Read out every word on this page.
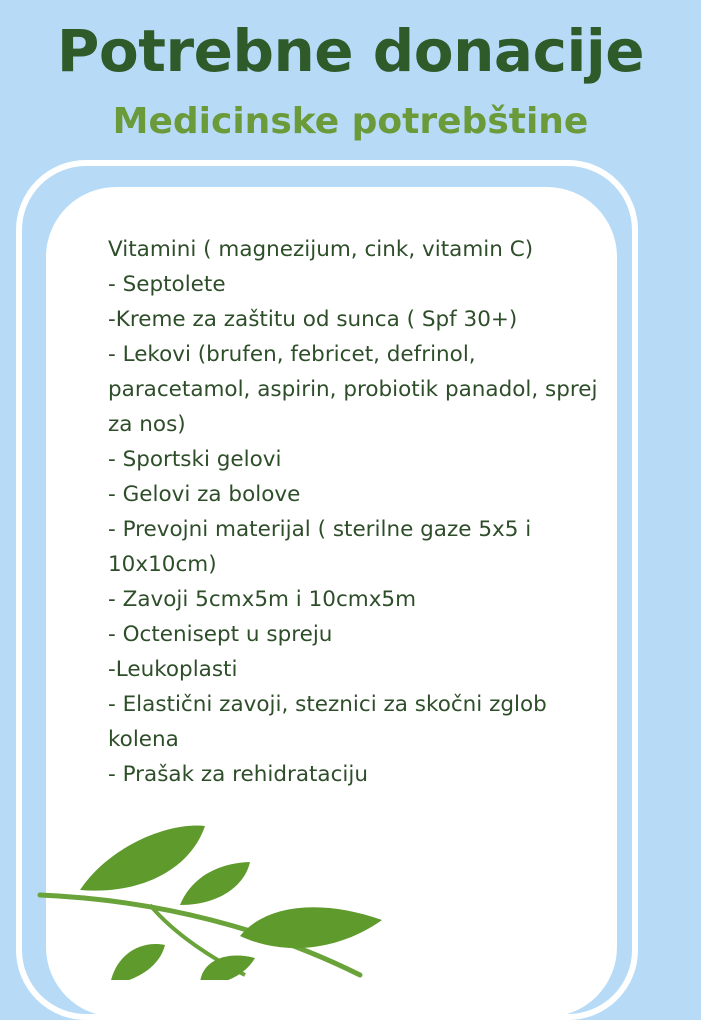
Potrebne donacije
Medicinske potrebštine
Vitamini ( magnezijum, cink, vitamin C)
- Septolete
-Kreme za zaštitu od sunca ( Spf 30+)
- Lekovi (brufen, febricet, defrinol, paracetamol, aspirin, probiotik panadol, sprej za nos)
- Sportski gelovi
- Gelovi za bolove
- Prevojni materijal ( sterilne gaze 5x5 i 10x10cm)
- Zavoji 5cmx5m i 10cmx5m
- Octenisept u spreju
-Leukoplasti
- Elastični zavoji, steznici za skočni zglob kolena
- Prašak za rehidrataciju
